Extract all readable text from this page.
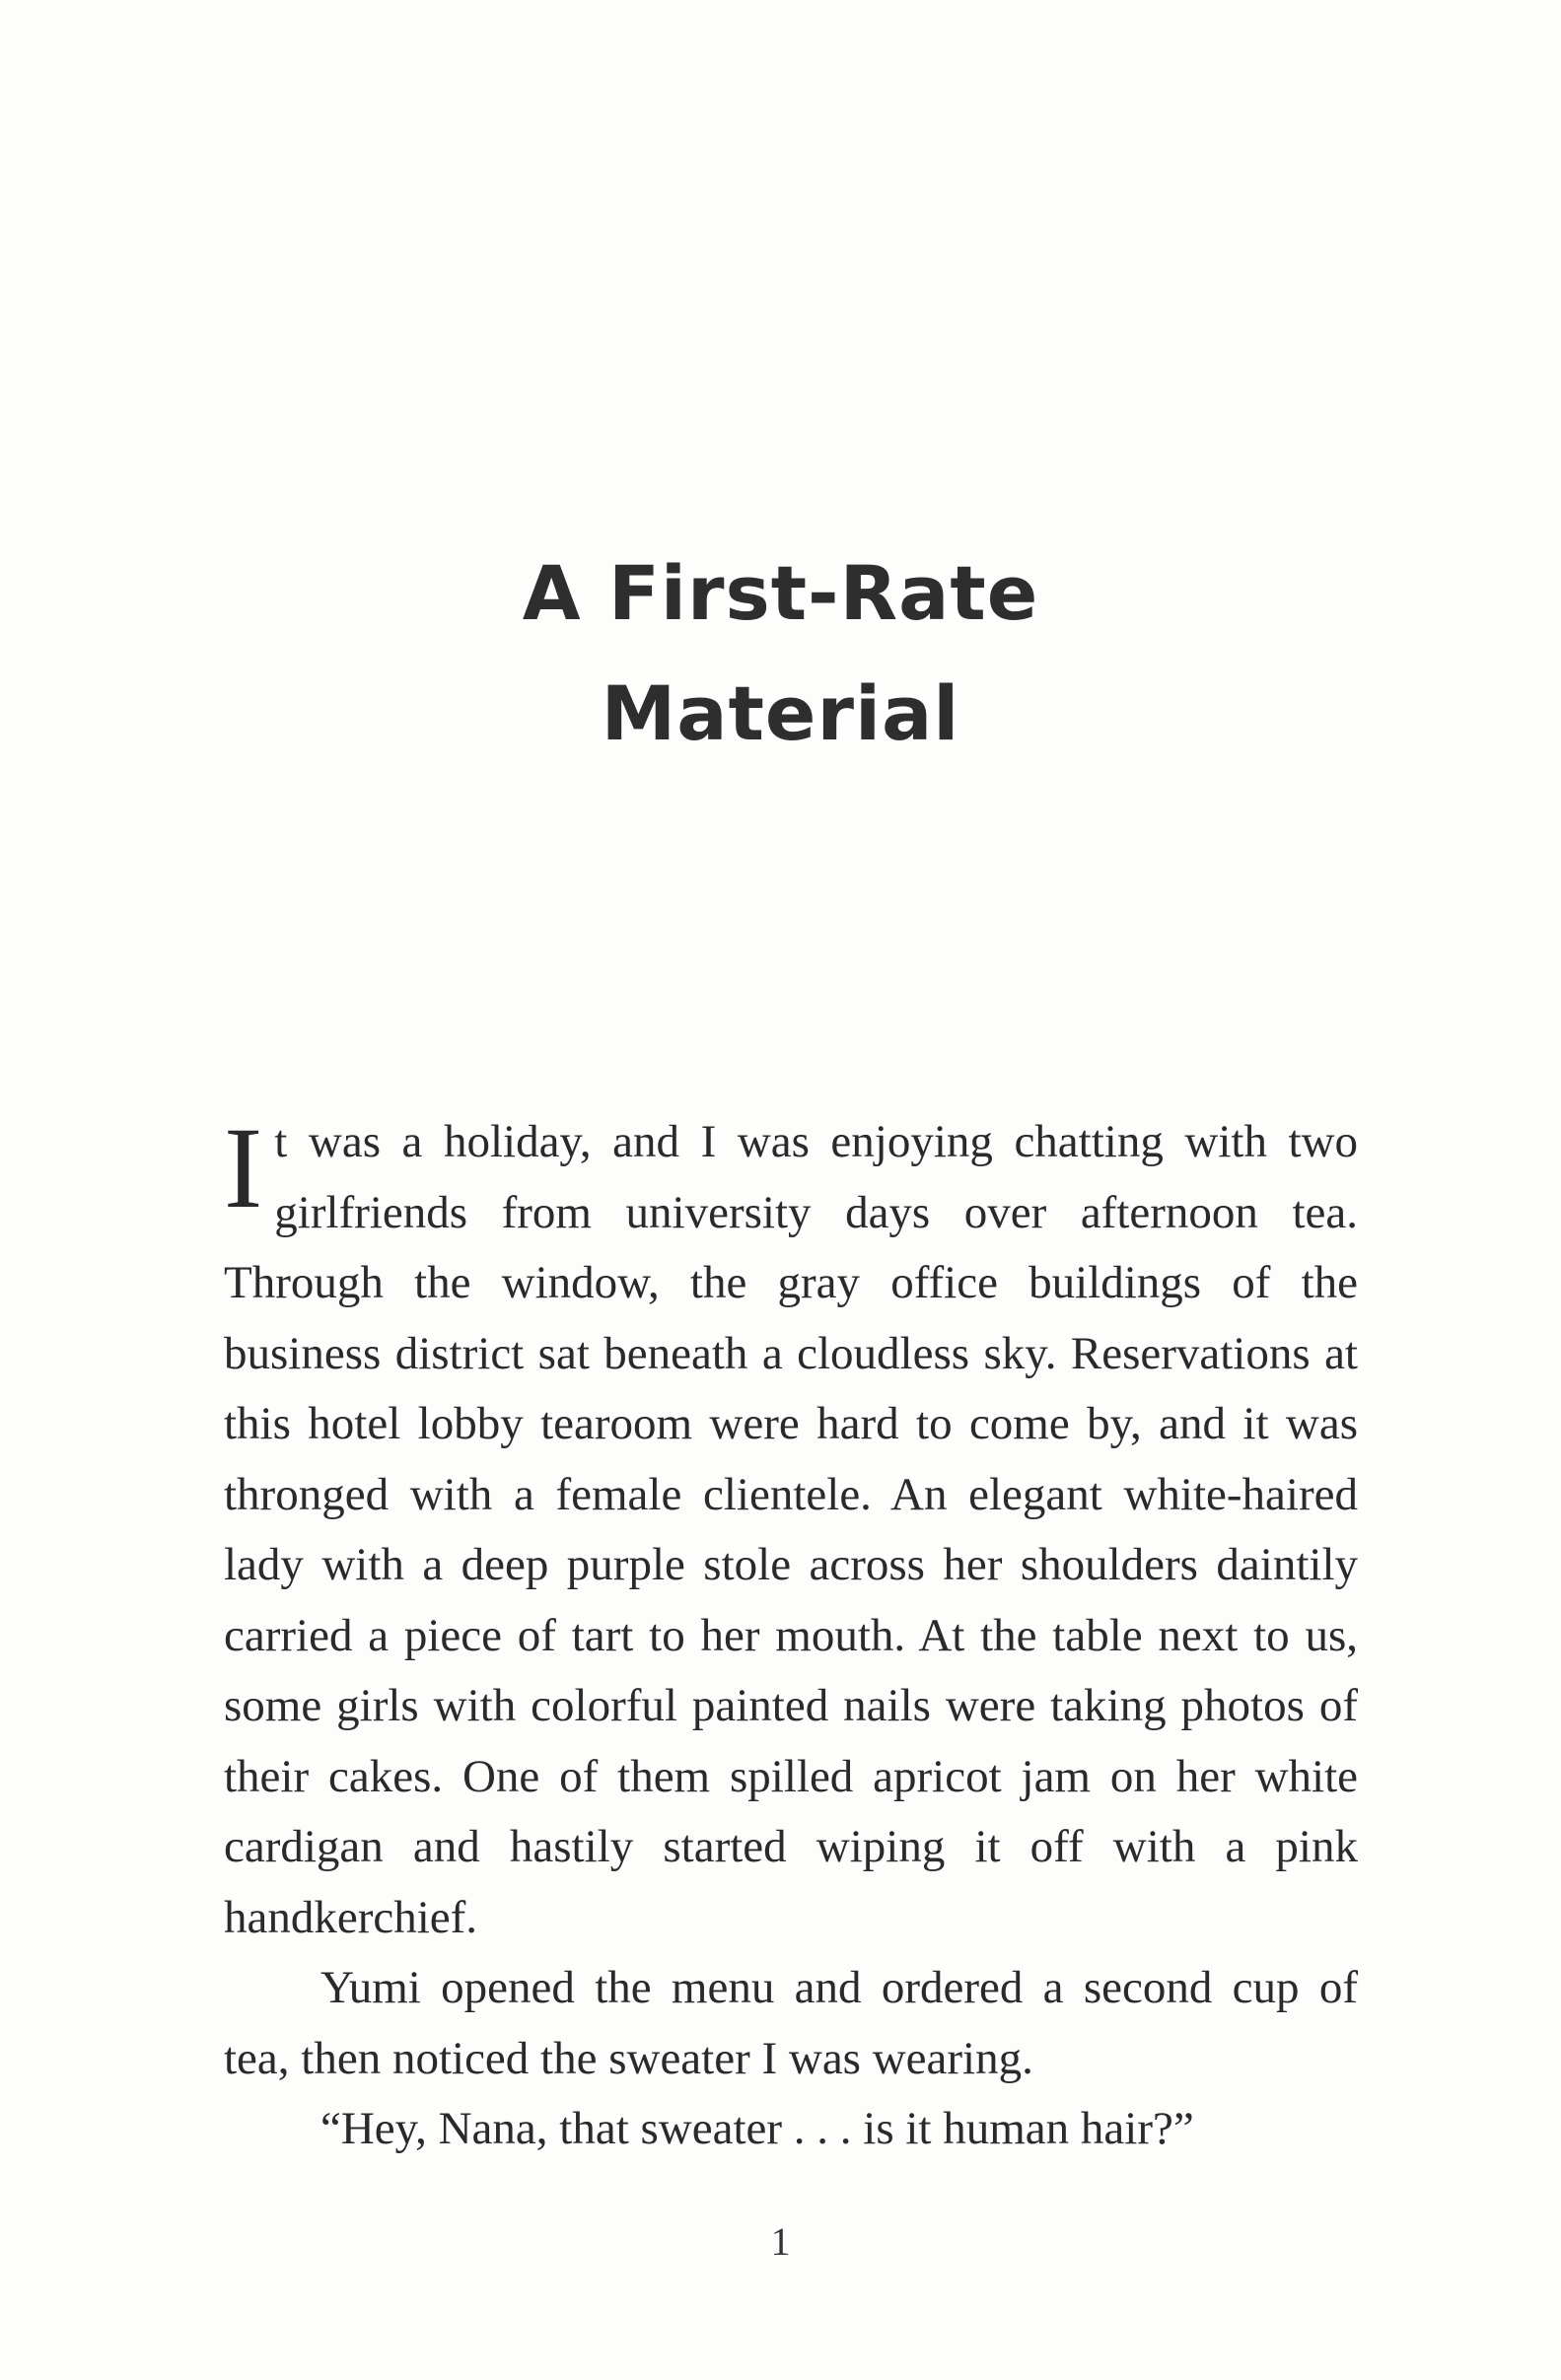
A First-Rate
Material

It was a holiday, and I was enjoying chatting with two girlfriends from university days over afternoon tea. Through the window, the gray office buildings of the business district sat beneath a cloudless sky. Reservations at this hotel lobby tearoom were hard to come by, and it was thronged with a female clientele. An elegant white-haired lady with a deep purple stole across her shoulders daintily carried a piece of tart to her mouth. At the table next to us, some girls with colorful painted nails were taking photos of their cakes. One of them spilled apricot jam on her white cardigan and hastily started wiping it off with a pink handkerchief.

Yumi opened the menu and ordered a second cup of tea, then noticed the sweater I was wearing.

“Hey, Nana, that sweater . . . is it human hair?”

1
